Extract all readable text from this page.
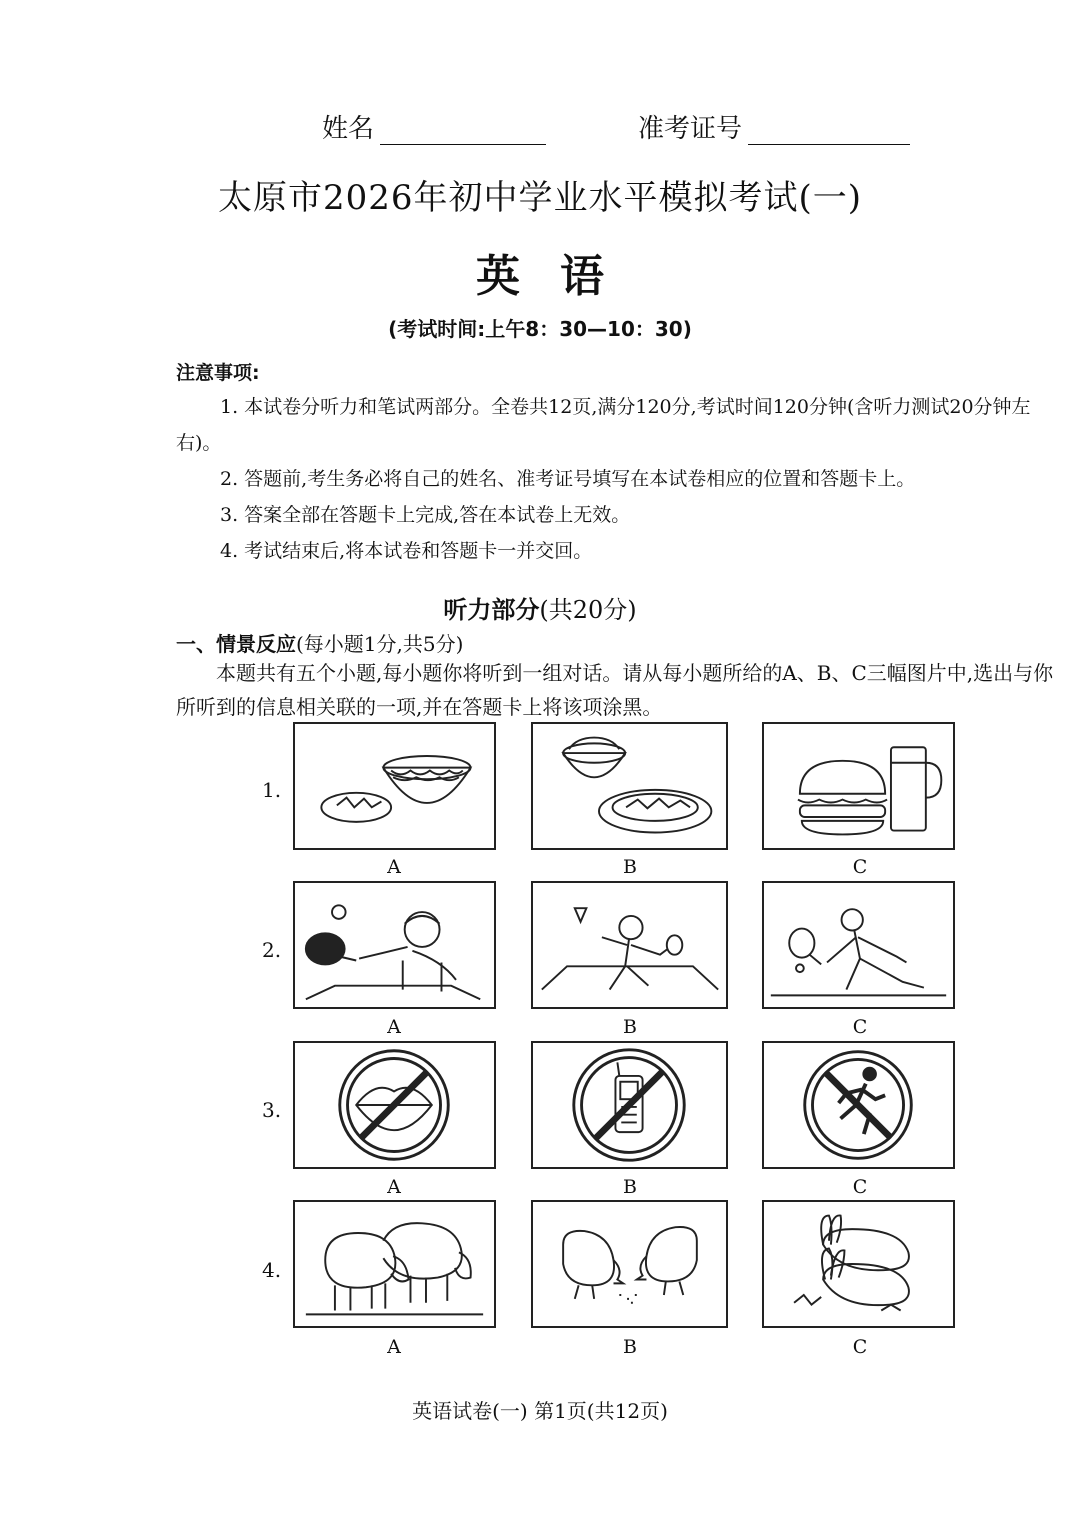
姓名	准考证号
太原市2026年初中学业水平模拟考试(一)
英语
(考试时间:上午8：30—10：30)
注意事项:
1. 本试卷分听力和笔试两部分。全卷共12页,满分120分,考试时间120分钟(含听力测试20分钟左右)。
2. 答题前,考生务必将自己的姓名、准考证号填写在本试卷相应的位置和答题卡上。
3. 答案全部在答题卡上完成,答在本试卷上无效。
4. 考试结束后,将本试卷和答题卡一并交回。
听力部分(共20分)
一、情景反应(每小题1分,共5分)
本题共有五个小题,每小题你将听到一组对话。请从每小题所给的A、B、C三幅图片中,选出与你所听到的信息相关联的一项,并在答题卡上将该项涂黑。
1.
A	B	C
2.
A	B	C
3.
A	B	C
4.
A	B	C
英语试卷(一) 第1页(共12页)
